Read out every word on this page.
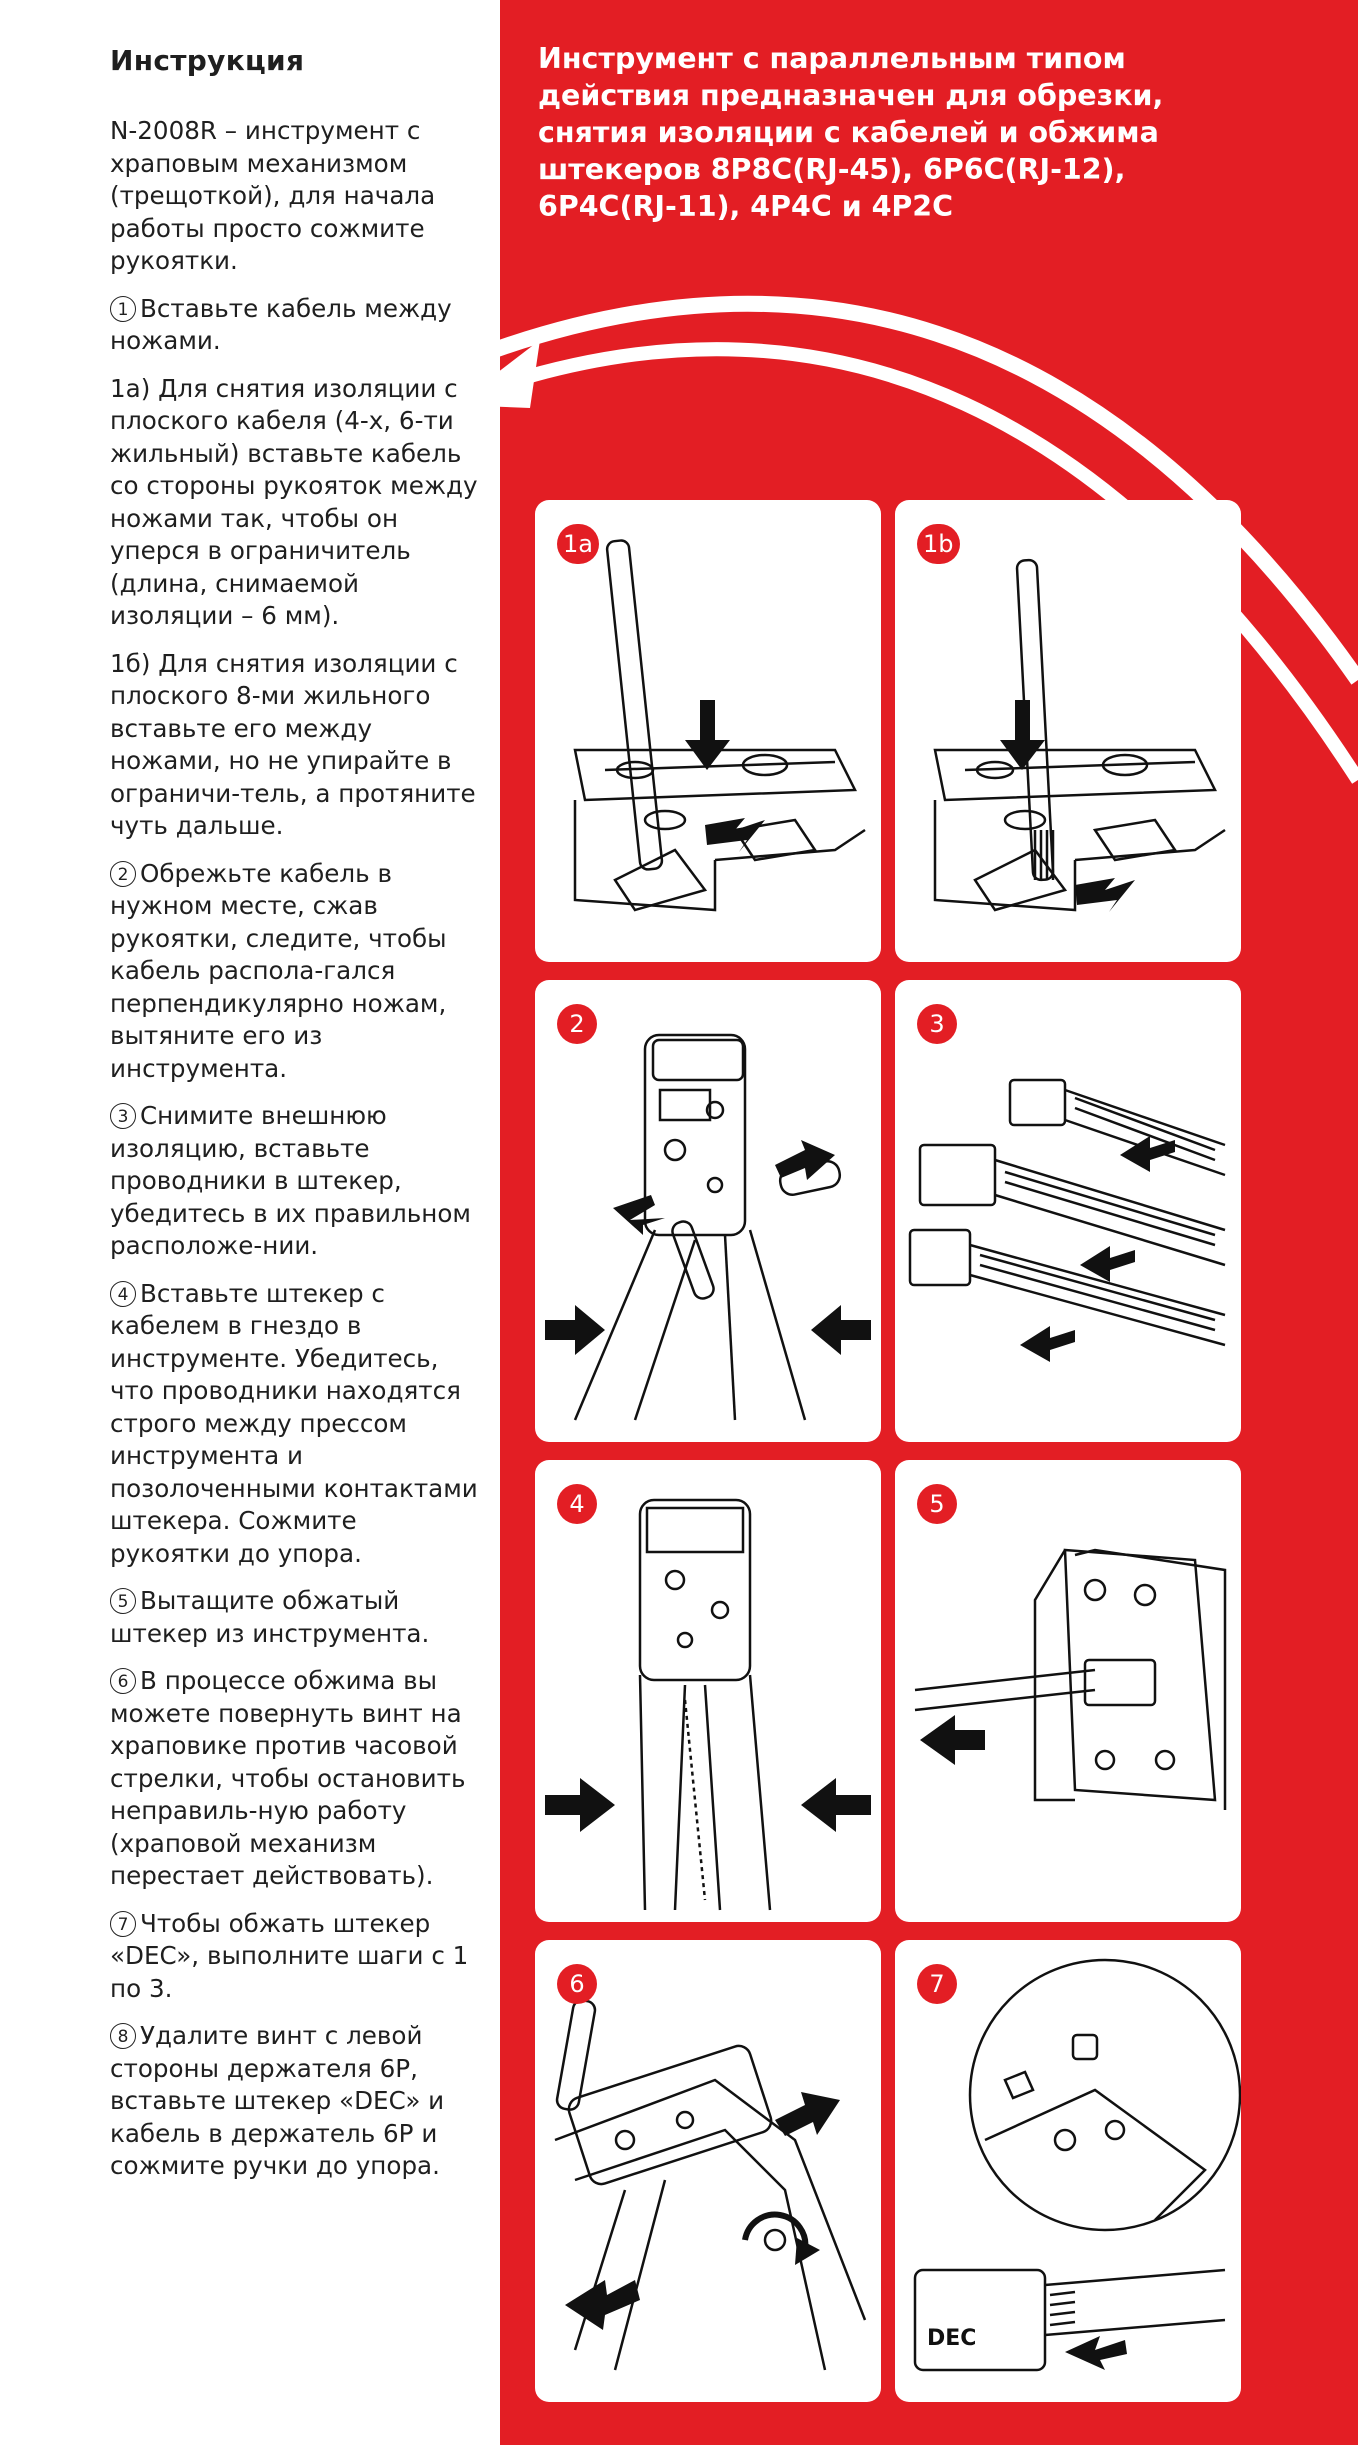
Инструкция

N-2008R – инструмент с храповым механизмом (трещоткой), для начала работы просто сожмите рукоятки.

1 Вставьте кабель между ножами.

1а) Для снятия изоляции с плоского кабеля (4-х, 6-ти жильный) вставьте кабель со стороны рукояток между ножами так, чтобы он уперся в ограничитель (длина, снимаемой изоляции – 6 мм).

1б) Для снятия изоляции с плоского 8-ми жильного вставьте его между ножами, но не упирайте в ограничи-тель, а протяните чуть дальше.

2 Обрежьте кабель в нужном месте, сжав рукоятки, следите, чтобы кабель распола-гался перпендикулярно ножам, вытяните его из инструмента.

3 Снимите внешнюю изоляцию, вставьте проводники в штекер, убедитесь в их правильном расположе-нии.

4 Вставьте штекер с кабелем в гнездо в инструменте. Убедитесь, что проводники находятся строго между прессом инструмента и позолоченными контактами штекера. Сожмите рукоятки до упора.

5 Вытащите обжатый штекер из инструмента.

6 В процессе обжима вы можете повернуть винт на храповике против часовой стрелки, чтобы остановить неправиль-ную работу (храповой механизм перестает действовать).

7 Чтобы обжать штекер «DEC», выполните шаги с 1 по 3.

8 Удалите винт с левой стороны держателя 6P, вставьте штекер «DEC» и кабель в держатель 6P и сожмите ручки до упора.

Инструмент с параллельным типом действия предназначен для обрезки, снятия изоляции с кабелей и обжима штекеров 8P8C(RJ-45), 6P6C(RJ-12), 6P4C(RJ-11), 4P4C и 4P2C
1a	1b
2	3
4	5
6
DEC
7
